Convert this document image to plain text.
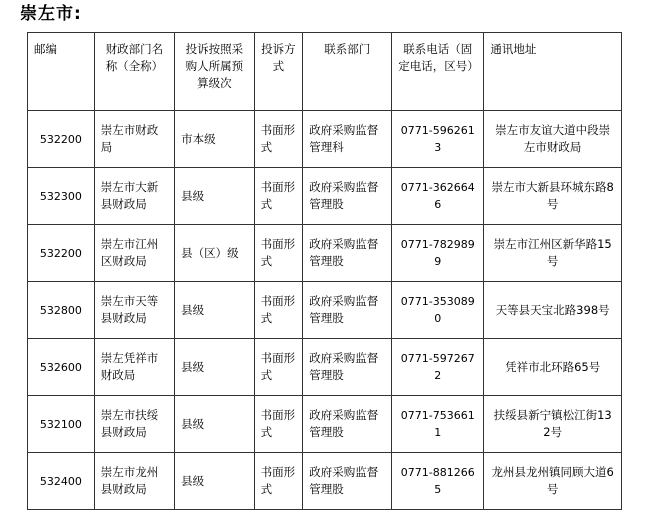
崇左市:
邮编	财政部门名称（全称）	投诉按照采购人所属预算级次	投诉方式	联系部门	联系电话（固定电话，区号）	通讯地址
532200	崇左市财政局	市本级	书面形式	政府采购监督管理科	0771-5962613	崇左市友谊大道中段崇左市财政局
532300	崇左市大新县财政局	县级	书面形式	政府采购监督管理股	0771-3626646	崇左市大新县环城东路8号
532200	崇左市江州区财政局	县（区）级	书面形式	政府采购监督管理股	0771-7829899	崇左市江州区新华路15号
532800	崇左市天等县财政局	县级	书面形式	政府采购监督管理股	0771-3530890	天等县天宝北路398号
532600	崇左凭祥市财政局	县级	书面形式	政府采购监督管理股	0771-5972672	凭祥市北环路65号
532100	崇左市扶绥县财政局	县级	书面形式	政府采购监督管理股	0771-7536611	扶绥县新宁镇松江街132号
532400	崇左市龙州县财政局	县级	书面形式	政府采购监督管理股	0771-8812665	龙州县龙州镇同顾大道6号
